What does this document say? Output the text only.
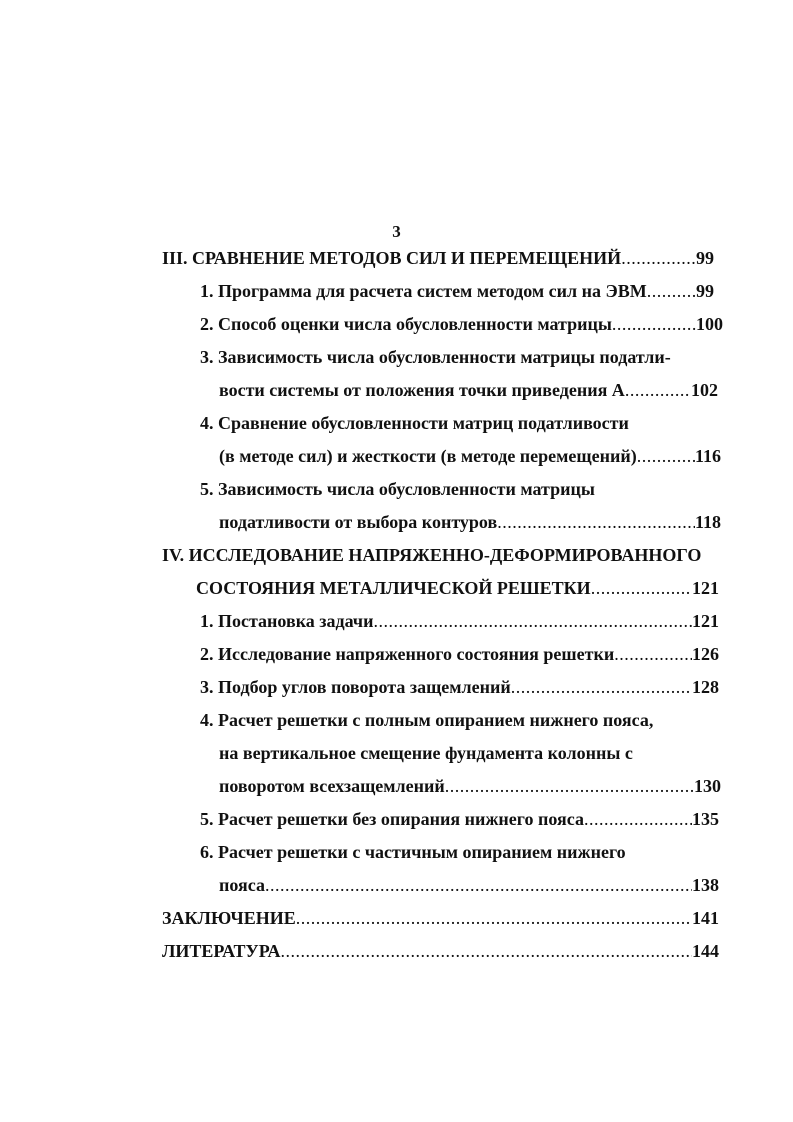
3
III. СРАВНЕНИЕ МЕТОДОВ СИЛ И ПЕРЕМЕЩЕНИЙ .....	99
1. Программа для расчета систем методом сил на ЭВМ .....	99
2. Способ оценки числа обусловленности матрицы .....	100
3. Зависимость числа обусловленности матрицы податли-
вости системы от положения точки приведения А .....	102
4. Сравнение обусловленности матриц податливости
(в методе сил) и жесткости (в методе перемещений) .....	116
5. Зависимость числа обусловленности матрицы
податливости от выбора контуров .....	118
IV. ИССЛЕДОВАНИЕ НАПРЯЖЕННО-ДЕФОРМИРОВАННОГО
СОСТОЯНИЯ МЕТАЛЛИЧЕСКОЙ РЕШЕТКИ .....	121
1. Постановка задачи .....	121
2. Исследование напряженного состояния решетки .....	126
3. Подбор углов поворота защемлений .....	128
4. Расчет решетки с полным опиранием нижнего пояса,
на вертикальное смещение фундамента колонны с
поворотом всехзащемлений .....	130
5. Расчет решетки без опирания нижнего пояса .....	135
6. Расчет решетки с частичным опиранием нижнего
пояса .....	138
ЗАКЛЮЧЕНИЕ .....	141
ЛИТЕРАТУРА .....	144
